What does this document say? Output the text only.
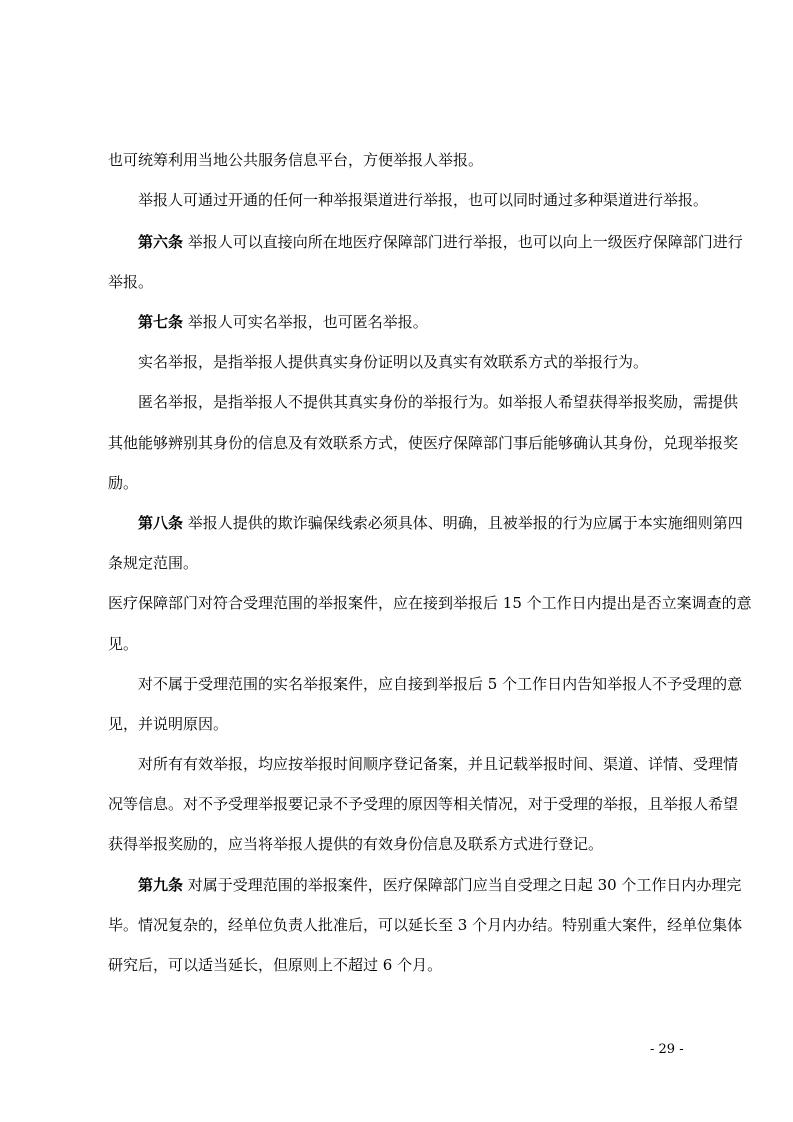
也可统筹利用当地公共服务信息平台，方便举报人举报。
举报人可通过开通的任何一种举报渠道进行举报，也可以同时通过多种渠道进行举报。
第六条 举报人可以直接向所在地医疗保障部门进行举报，也可以向上一级医疗保障部门进行
举报。
第七条 举报人可实名举报，也可匿名举报。
实名举报，是指举报人提供真实身份证明以及真实有效联系方式的举报行为。
匿名举报，是指举报人不提供其真实身份的举报行为。如举报人希望获得举报奖励，需提供
其他能够辨别其身份的信息及有效联系方式，使医疗保障部门事后能够确认其身份，兑现举报奖
励。
第八条 举报人提供的欺诈骗保线索必须具体、明确，且被举报的行为应属于本实施细则第四
条规定范围。
医疗保障部门对符合受理范围的举报案件，应在接到举报后 15 个工作日内提出是否立案调查的意
见。
对不属于受理范围的实名举报案件，应自接到举报后 5 个工作日内告知举报人不予受理的意
见，并说明原因。
对所有有效举报，均应按举报时间顺序登记备案，并且记载举报时间、渠道、详情、受理情
况等信息。对不予受理举报要记录不予受理的原因等相关情况，对于受理的举报，且举报人希望
获得举报奖励的，应当将举报人提供的有效身份信息及联系方式进行登记。
第九条 对属于受理范围的举报案件，医疗保障部门应当自受理之日起 30 个工作日内办理完
毕。情况复杂的，经单位负责人批准后，可以延长至 3 个月内办结。特别重大案件，经单位集体
研究后，可以适当延长，但原则上不超过 6 个月。
- 29 -
